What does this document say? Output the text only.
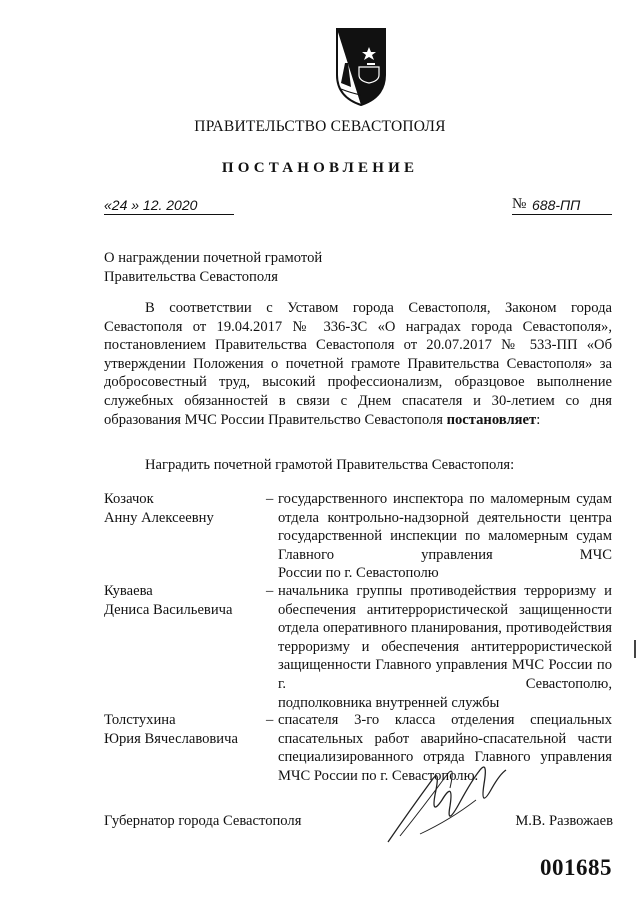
ПРАВИТЕЛЬСТВО СЕВАСТОПОЛЯ
ПОСТАНОВЛЕНИЕ
«24 » 12. 2020	№ 688-ПП
О награждении почетной грамотой
Правительства Севастополя
В соответствии с Уставом города Севастополя, Законом города Севастополя от 19.04.2017 № 336-ЗС «О наградах города Севастополя», постановлением Правительства Севастополя от 20.07.2017 № 533-ПП «Об утверждении Положения о почетной грамоте Правительства Севастополя» за добросовестный труд, высокий профессионализм, образцовое выполнение служебных обязанностей в связи с Днем спасателя и 30-летием со дня образования МЧС России Правительство Севастополя постановляет:
Наградить почетной грамотой Правительства Севастополя:
Козачок
Анну Алексеевну
– государственного инспектора по маломерным судам отдела контрольно-надзорной деятельности центра государственной инспекции по маломерным судам Главного управления МЧС
России по г. Севастополю
Куваева
Дениса Васильевича
– начальника группы противодействия терроризму и обеспечения антитеррористической защищенности отдела оперативного планирования, противодействия терроризму и обеспечения антитеррористической защищенности Главного управления МЧС России по г. Севастополю,
подполковника внутренней службы
Толстухина
Юрия Вячеславовича
– спасателя 3-го класса отделения специальных спасательных работ аварийно-спасательной части специализированного отряда Главного управления
МЧС России по г. Севастополю.
Губернатор города Севастополя	М.В. Развожаев
001685
